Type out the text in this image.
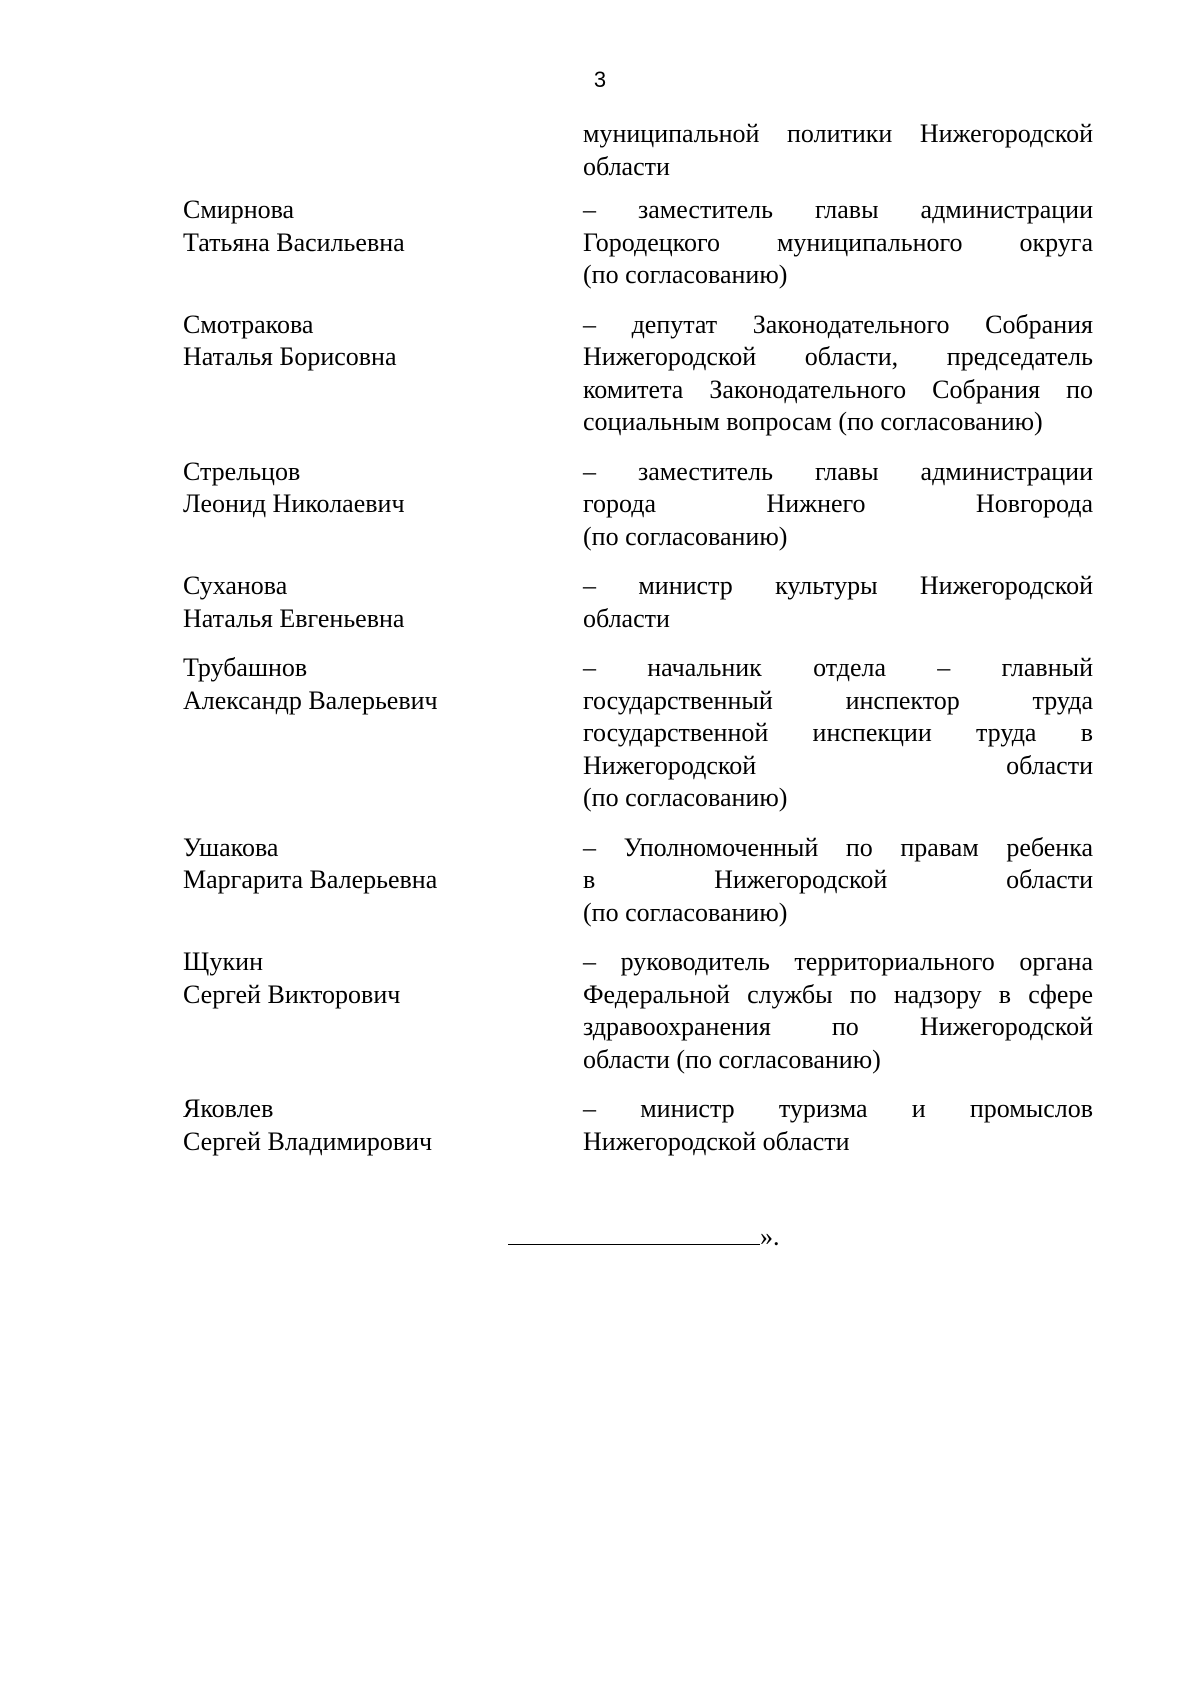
3
муниципальной политики Нижегородской
области
Смирнова
Татьяна Васильевна
– заместитель главы администрации
Городецкого муниципального округа
(по согласованию)
Смотракова
Наталья Борисовна
– депутат Законодательного Собрания
Нижегородской области, председатель
комитета Законодательного Собрания по
социальным вопросам (по согласованию)
Стрельцов
Леонид Николаевич
– заместитель главы администрации
города Нижнего Новгорода
(по согласованию)
Суханова
Наталья Евгеньевна
– министр культуры Нижегородской
области
Трубашнов
Александр Валерьевич
– начальник отдела – главный
государственный инспектор труда
государственной инспекции труда в
Нижегородской области
(по согласованию)
Ушакова
Маргарита Валерьевна
– Уполномоченный по правам ребенка
в Нижегородской области
(по согласованию)
Щукин
Сергей Викторович
– руководитель территориального органа
Федеральной службы по надзору в сфере
здравоохранения по Нижегородской
области (по согласованию)
Яковлев
Сергей Владимирович
– министр туризма и промыслов
Нижегородской области
».
